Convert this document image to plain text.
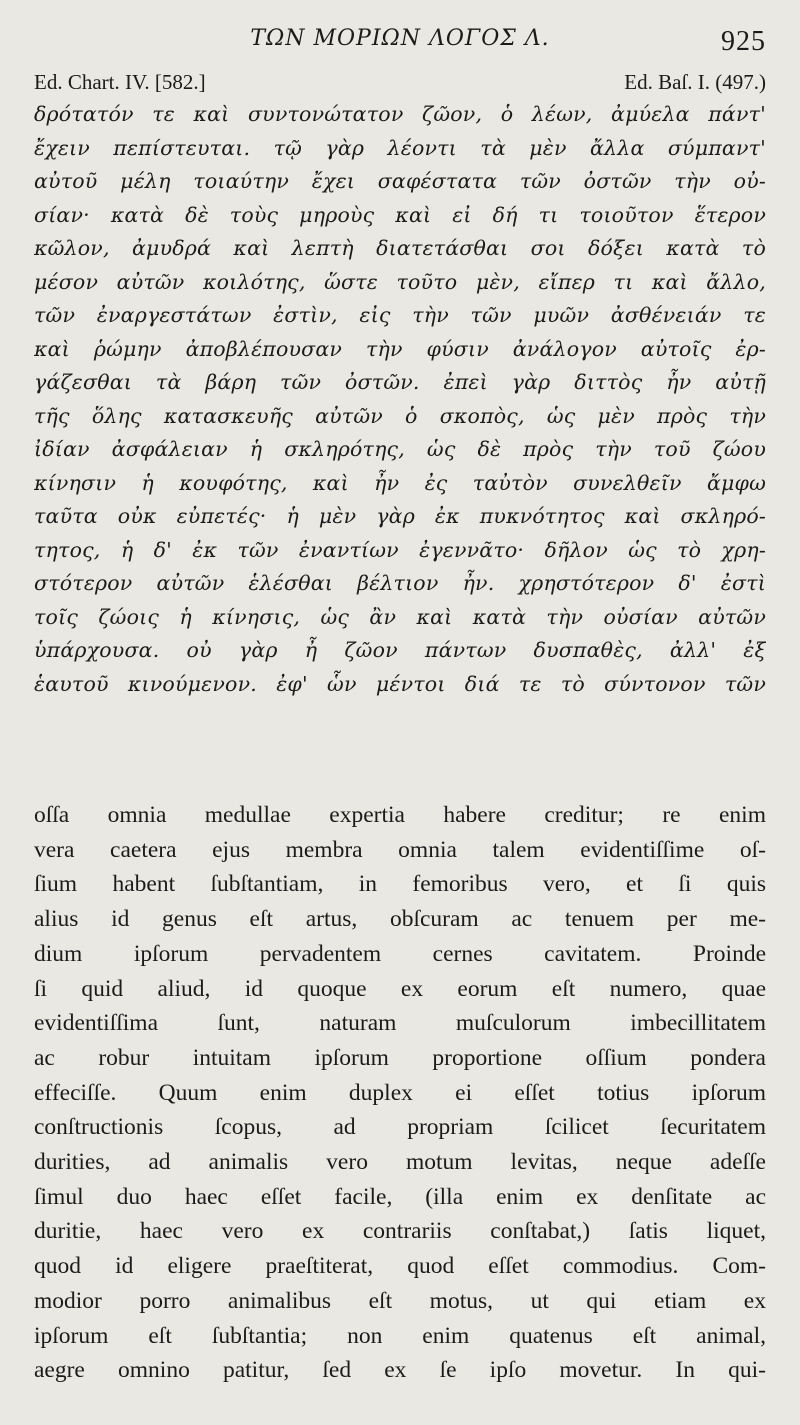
ΤΩΝ ΜΟΡΙΩΝ ΛΟΓΟΣ Λ.	925
Ed. Chart. IV. [582.]	Ed. Baſ. I. (497.)
δρότατόν τε καὶ συντονώτατον ζῶον, ὁ λέων, ἀμύελα πάντ'
ἔχειν πεπίστευται. τῷ γὰρ λέοντι τὰ μὲν ἄλλα σύμπαντ'
αὐτοῦ μέλη τοιαύτην ἔχει σαφέστατα τῶν ὀστῶν τὴν οὐ-
σίαν· κατὰ δὲ τοὺς μηροὺς καὶ εἰ δή τι τοιοῦτον ἕτερον
κῶλον, ἀμυδρά καὶ λεπτὴ διατετάσθαι σοι δόξει κατὰ τὸ
μέσον αὐτῶν κοιλότης, ὥστε τοῦτο μὲν, εἴπερ τι καὶ ἄλλο,
τῶν ἐναργεστάτων ἐστὶν, εἰς τὴν τῶν μυῶν ἀσθένειάν τε
καὶ ῥώμην ἀποβλέπουσαν τὴν φύσιν ἀνάλογον αὐτοῖς ἐρ-
γάζεσθαι τὰ βάρη τῶν ὀστῶν. ἐπεὶ γὰρ διττὸς ἦν αὐτῇ
τῆς ὅλης κατασκευῆς αὐτῶν ὁ σκοπὸς, ὡς μὲν πρὸς τὴν
ἰδίαν ἀσφάλειαν ἡ σκληρότης, ὡς δὲ πρὸς τὴν τοῦ ζώου
κίνησιν ἡ κουφότης, καὶ ἦν ἐς ταὐτὸν συνελθεῖν ἄμφω
ταῦτα οὐκ εὐπετές· ἡ μὲν γὰρ ἐκ πυκνότητος καὶ σκληρό-
τητος, ἡ δ' ἐκ τῶν ἐναντίων ἐγεννᾶτο· δῆλον ὡς τὸ χρη-
στότερον αὐτῶν ἑλέσθαι βέλτιον ἦν. χρηστότερον δ' ἐστὶ
τοῖς ζώοις ἡ κίνησις, ὡς ἂν καὶ κατὰ τὴν οὐσίαν αὐτῶν
ὑπάρχουσα. οὐ γὰρ ἦ ζῶον πάντων δυσπαθὲς, ἀλλ' ἐξ
ἑαυτοῦ κινούμενον. ἐφ' ὧν μέντοι διά τε τὸ σύντονον τῶν
oſſa omnia medullae expertia habere creditur; re enim
vera caetera ejus membra omnia talem evidentiſſime oſ-
ſium habent ſubſtantiam, in femoribus vero, et ſi quis
alius id genus eſt artus, obſcuram ac tenuem per me-
dium ipſorum pervadentem cernes cavitatem. Proinde
ſi quid aliud, id quoque ex eorum eſt numero, quae
evidentiſſima ſunt, naturam muſculorum imbecillitatem
ac robur intuitam ipſorum proportione oſſium pondera
effeciſſe. Quum enim duplex ei eſſet totius ipſorum
conſtructionis ſcopus, ad propriam ſcilicet ſecuritatem
durities, ad animalis vero motum levitas, neque adeſſe
ſimul duo haec eſſet facile, (illa enim ex denſitate ac
duritie, haec vero ex contrariis conſtabat,) ſatis liquet,
quod id eligere praeſtiterat, quod eſſet commodius. Com-
modior porro animalibus eſt motus, ut qui etiam ex
ipſorum eſt ſubſtantia; non enim quatenus eſt animal,
aegre omnino patitur, ſed ex ſe ipſo movetur. In qui-
